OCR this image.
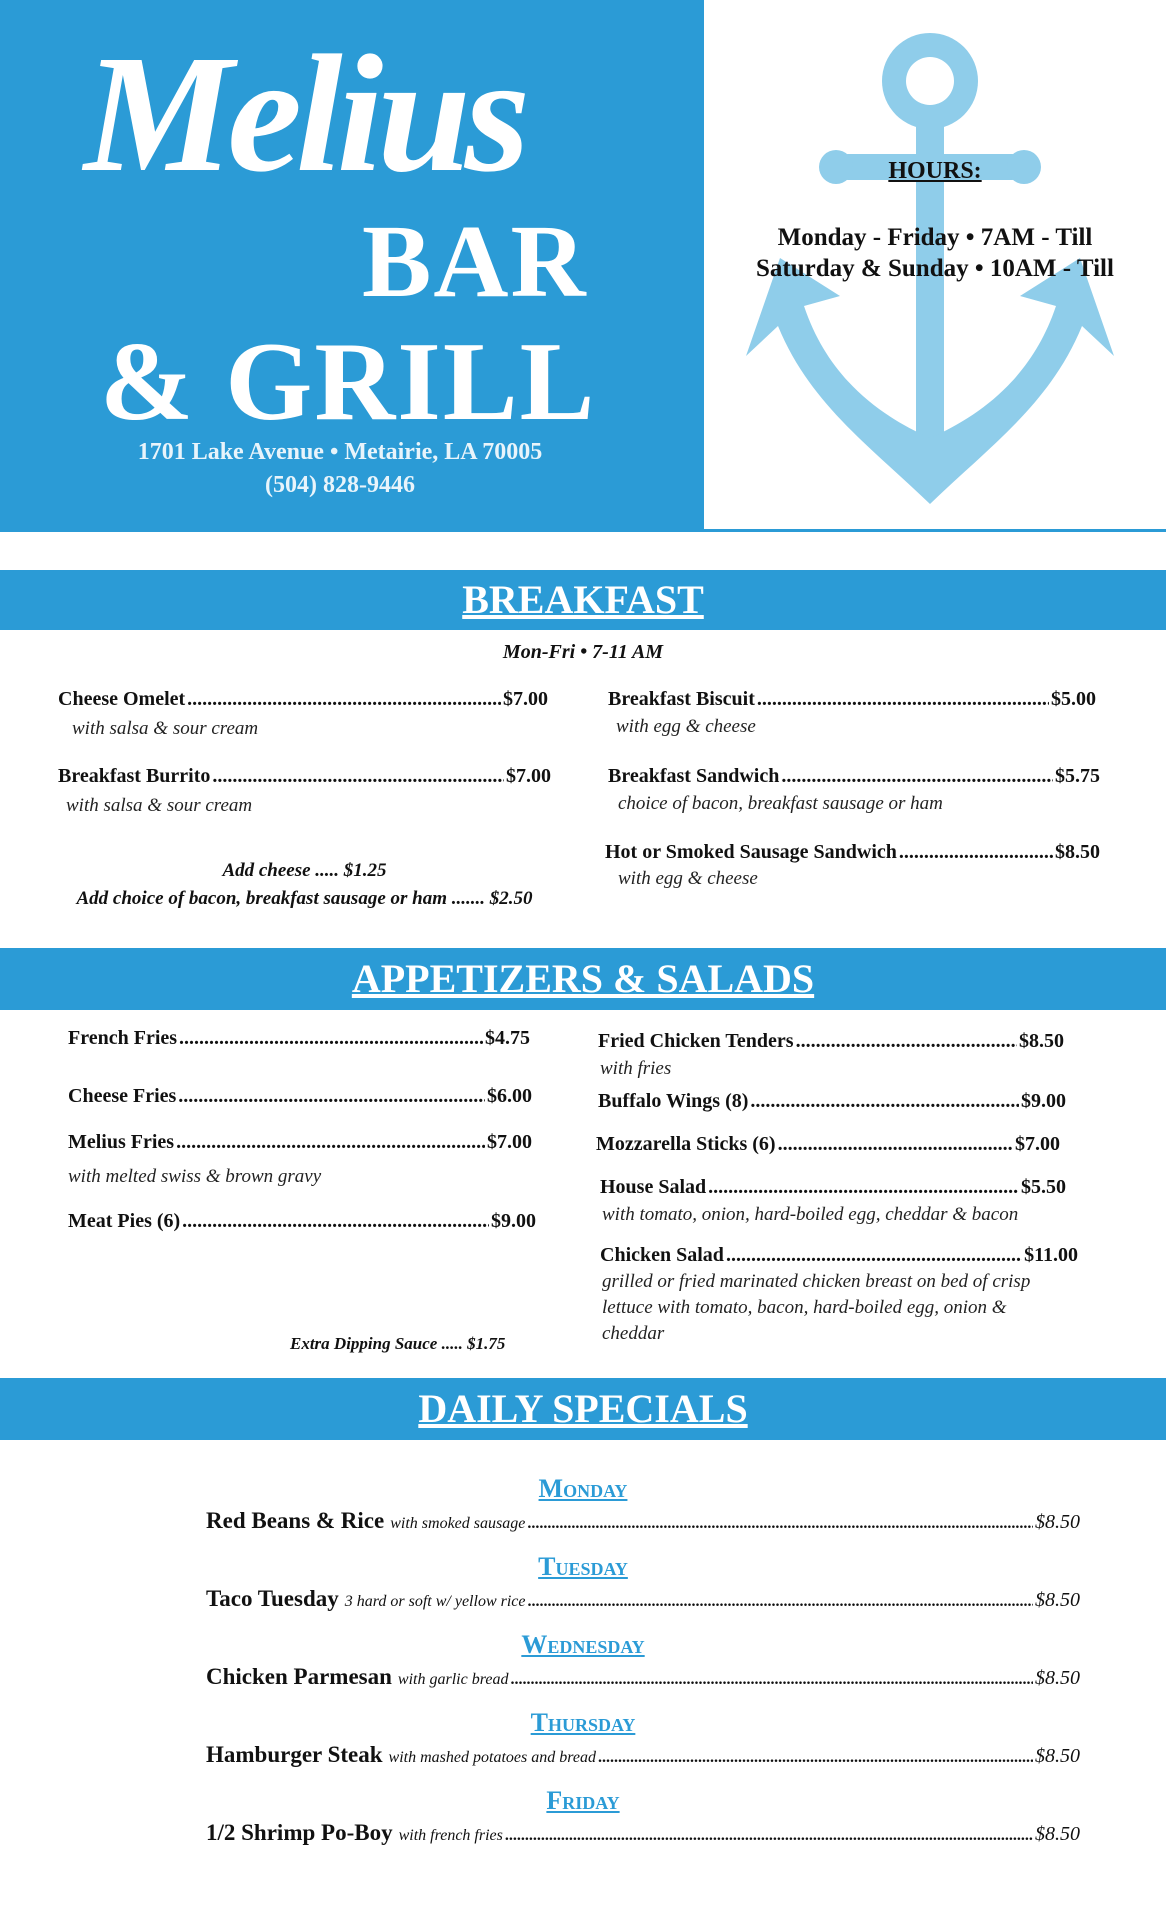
Melius
BAR
& GRILL
1701 Lake Avenue • Metairie, LA 70005
(504) 828-9446
HOURS:
Monday - Friday • 7AM - Till
Saturday & Sunday • 10AM - Till
BREAKFAST
Mon-Fri • 7-11 AM
Cheese Omelet .....	$7.00
with salsa & sour cream
Breakfast Burrito .....	$7.00
with salsa & sour cream
Add cheese ..... $1.25
Add choice of bacon, breakfast sausage or ham ....... $2.50
Breakfast Biscuit .....	$5.00
with egg & cheese
Breakfast Sandwich .....	$5.75
choice of bacon, breakfast sausage or ham
Hot or Smoked Sausage Sandwich .....	$8.50
with egg & cheese
APPETIZERS & SALADS
French Fries .....	$4.75
Cheese Fries .....	$6.00
Melius Fries .....	$7.00
with melted swiss & brown gravy
Meat Pies (6) .....	$9.00
Extra Dipping Sauce ..... $1.75
Fried Chicken Tenders .....	$8.50
with fries
Buffalo Wings (8) .....	$9.00
Mozzarella Sticks (6) .....	$7.00
House Salad .....	$5.50
with tomato, onion, hard-boiled egg, cheddar & bacon
Chicken Salad .....	$11.00
grilled or fried marinated chicken breast on bed of crisp
lettuce with tomato, bacon, hard-boiled egg, onion &
cheddar
DAILY SPECIALS
Monday
Red Beans & Rice with smoked sausage .....	$8.50
Tuesday
Taco Tuesday 3 hard or soft w/ yellow rice .....	$8.50
Wednesday
Chicken Parmesan with garlic bread .....	$8.50
Thursday
Hamburger Steak with mashed potatoes and bread .....	$8.50
Friday
1/2 Shrimp Po-Boy with french fries .....	$8.50
